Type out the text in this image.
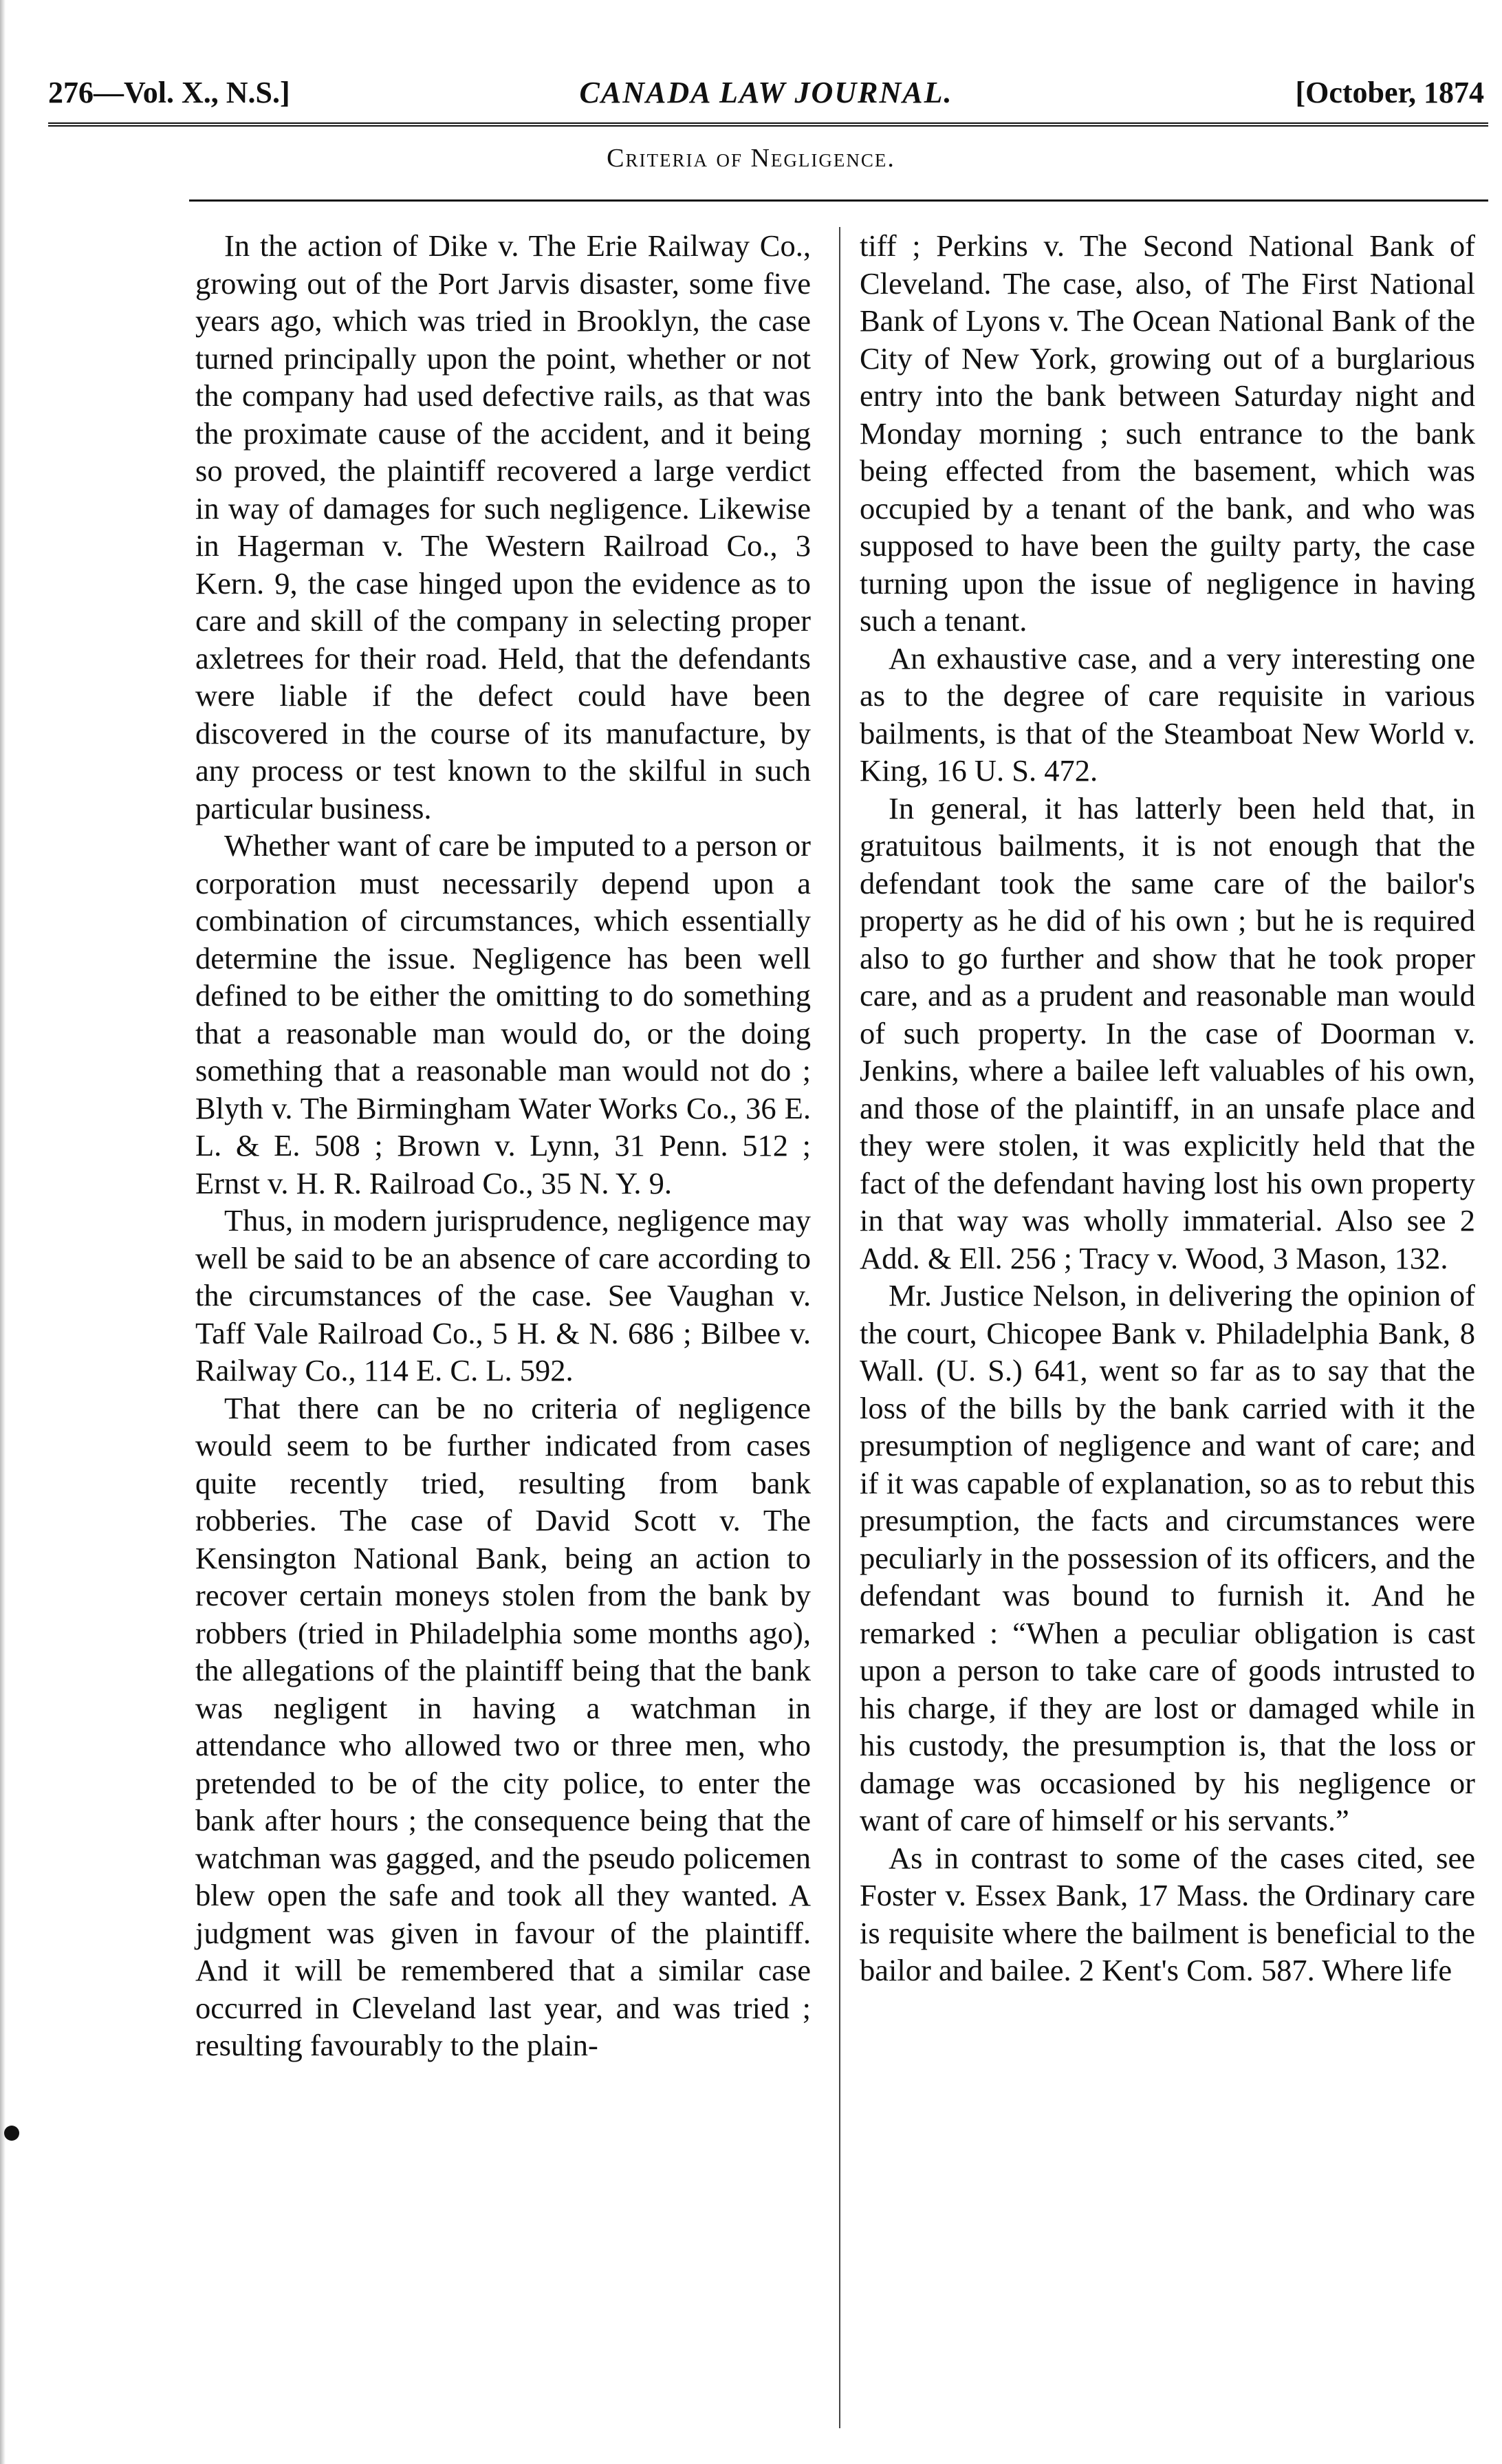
276—Vol. X., N.S.]	CANADA LAW JOURNAL.	[October, 1874
Criteria of Negligence.

In the action of Dike v. The Erie Railway Co., growing out of the Port Jarvis disaster, some five years ago, which was tried in Brooklyn, the case turned principally upon the point, whether or not the company had used defective rails, as that was the proximate cause of the accident, and it being so proved, the plaintiff recovered a large verdict in way of damages for such negligence. Likewise in Hagerman v. The Western Railroad Co., 3 Kern. 9, the case hinged upon the evidence as to care and skill of the company in selecting proper axletrees for their road. Held, that the defendants were liable if the defect could have been discovered in the course of its manufacture, by any process or test known to the skilful in such particular business.

Whether want of care be imputed to a person or corporation must necessarily depend upon a combination of circumstances, which essentially determine the issue. Negligence has been well defined to be either the omitting to do something that a reasonable man would do, or the doing something that a reasonable man would not do ; Blyth v. The Birmingham Water Works Co., 36 E. L. & E. 508 ; Brown v. Lynn, 31 Penn. 512 ; Ernst v. H. R. Railroad Co., 35 N. Y. 9.

Thus, in modern jurisprudence, negligence may well be said to be an absence of care according to the circumstances of the case. See Vaughan v. Taff Vale Railroad Co., 5 H. & N. 686 ; Bilbee v. Railway Co., 114 E. C. L. 592.

That there can be no criteria of negligence would seem to be further indicated from cases quite recently tried, resulting from bank robberies. The case of David Scott v. The Kensington National Bank, being an action to recover certain moneys stolen from the bank by robbers (tried in Philadelphia some months ago), the allegations of the plaintiff being that the bank was negligent in having a watchman in attendance who allowed two or three men, who pretended to be of the city police, to enter the bank after hours ; the consequence being that the watchman was gagged, and the pseudo policemen blew open the safe and took all they wanted. A judgment was given in favour of the plaintiff. And it will be remembered that a similar case occurred in Cleveland last year, and was tried ; resulting favourably to the plain-

tiff ; Perkins v. The Second National Bank of Cleveland. The case, also, of The First National Bank of Lyons v. The Ocean National Bank of the City of New York, growing out of a burglarious entry into the bank between Saturday night and Monday morning ; such entrance to the bank being effected from the basement, which was occupied by a tenant of the bank, and who was supposed to have been the guilty party, the case turning upon the issue of negligence in having such a tenant.

An exhaustive case, and a very interesting one as to the degree of care requisite in various bailments, is that of the Steamboat New World v. King, 16 U. S. 472.

In general, it has latterly been held that, in gratuitous bailments, it is not enough that the defendant took the same care of the bailor's property as he did of his own ; but he is required also to go further and show that he took proper care, and as a prudent and reasonable man would of such property. In the case of Doorman v. Jenkins, where a bailee left valuables of his own, and those of the plaintiff, in an unsafe place and they were stolen, it was explicitly held that the fact of the defendant having lost his own property in that way was wholly immaterial. Also see 2 Add. & Ell. 256 ; Tracy v. Wood, 3 Mason, 132.

Mr. Justice Nelson, in delivering the opinion of the court, Chicopee Bank v. Philadelphia Bank, 8 Wall. (U. S.) 641, went so far as to say that the loss of the bills by the bank carried with it the presumption of negligence and want of care; and if it was capable of explanation, so as to rebut this presumption, the facts and circumstances were peculiarly in the possession of its officers, and the defendant was bound to furnish it. And he remarked : “When a peculiar obligation is cast upon a person to take care of goods intrusted to his charge, if they are lost or damaged while in his custody, the presumption is, that the loss or damage was occasioned by his negligence or want of care of himself or his servants.”

As in contrast to some of the cases cited, see Foster v. Essex Bank, 17 Mass. the Ordinary care is requisite where the bailment is beneficial to the bailor and bailee. 2 Kent's Com. 587. Where life
